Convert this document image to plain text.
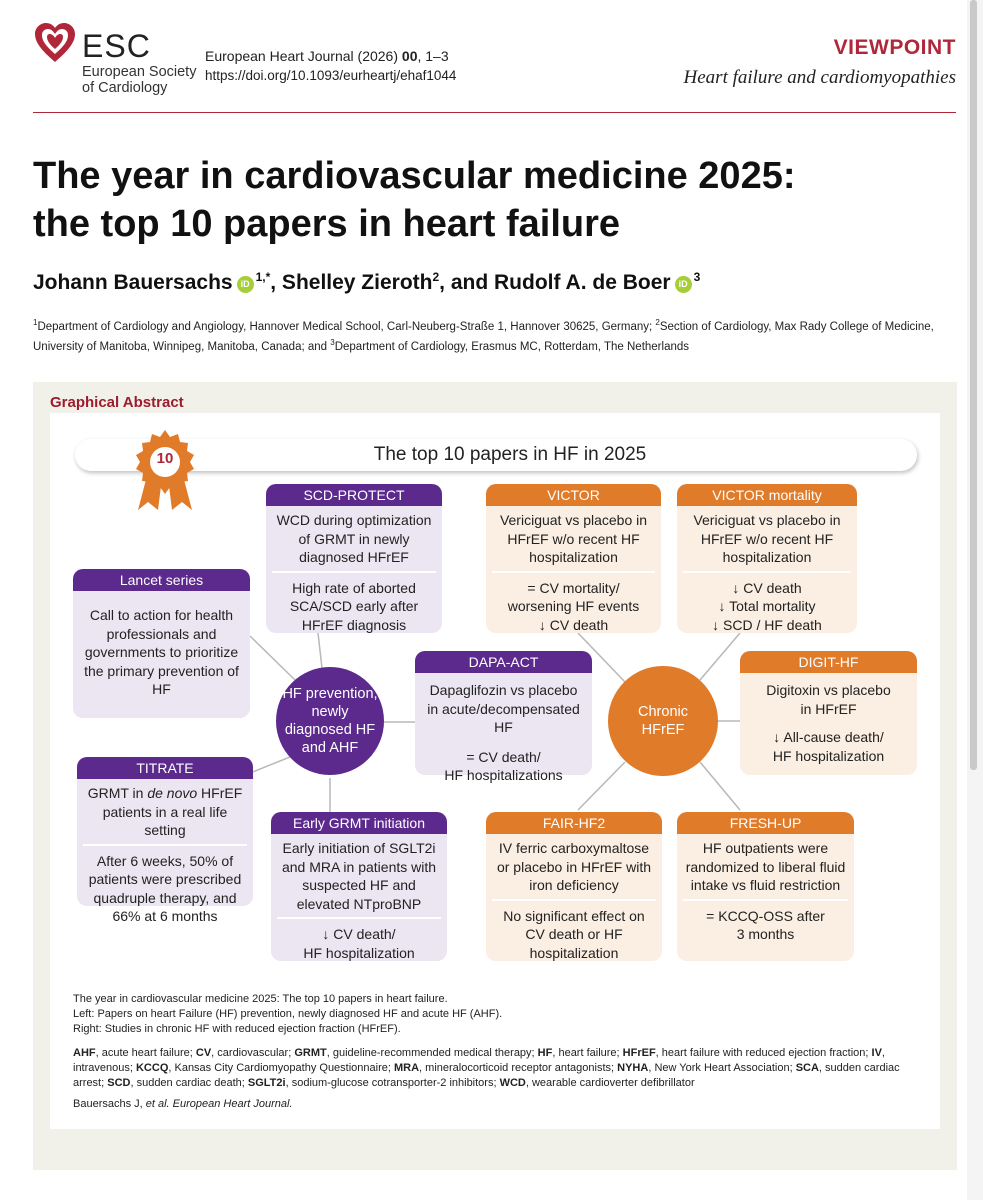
ESC
European Society
of Cardiology
European Heart Journal (2026) 00, 1–3
https://doi.org/10.1093/eurheartj/ehaf1044
VIEWPOINT
Heart failure and cardiomyopathies
The year in cardiovascular medicine 2025:
the top 10 papers in heart failure
Johann Bauersachs iD $^{1,*}$, Shelley Zieroth$^2$, and Rudolf A. de Boer iD $^3$
$^1$Department of Cardiology and Angiology, Hannover Medical School, Carl-Neuberg-Straße 1, Hannover 30625, Germany; $^2$Section of Cardiology, Max Rady College of Medicine, University of Manitoba, Winnipeg, Manitoba, Canada; and $^3$Department of Cardiology, Erasmus MC, Rotterdam, The Netherlands
Graphical Abstract
The top 10 papers in HF in 2025
10
HF prevention, newly diagnosed HF and AHF
Chronic HFrEF
Lancet series
Call to action for health professionals and governments to prioritize the primary prevention of HF
SCD-PROTECT
WCD during optimization of GRMT in newly diagnosed HFrEF
High rate of aborted SCA/SCD early after HFrEF diagnosis
TITRATE
GRMT in de novo HFrEF patients in a real life setting
After 6 weeks, 50% of patients were prescribed quadruple therapy, and 66% at 6 months
Early GRMT initiation
Early initiation of SGLT2i and MRA in patients with suspected HF and elevated NTproBNP
↓ CV death/
HF hospitalization
DAPA-ACT
Dapaglifozin vs placebo in acute/decompensated HF
= CV death/
HF hospitalizations
VICTOR
Vericiguat vs placebo in HFrEF w/o recent HF hospitalization
= CV mortality/
worsening HF events
↓ CV death
VICTOR mortality
Vericiguat vs placebo in HFrEF w/o recent HF hospitalization
↓ CV death
↓ Total mortality
↓ SCD / HF death
DIGIT-HF
Digitoxin vs placebo in HFrEF
↓ All-cause death/
HF hospitalization
FAIR-HF2
IV ferric carboxymaltose or placebo in HFrEF with iron deficiency
No significant effect on CV death or HF hospitalization
FRESH-UP
HF outpatients were randomized to liberal fluid intake vs fluid restriction
= KCCQ-OSS after
3 months
The year in cardiovascular medicine 2025: The top 10 papers in heart failure.
Left: Papers on heart Failure (HF) prevention, newly diagnosed HF and acute HF (AHF).
Right: Studies in chronic HF with reduced ejection fraction (HFrEF).
AHF, acute heart failure; CV, cardiovascular; GRMT, guideline-recommended medical therapy; HF, heart failure; HFrEF, heart failure with reduced ejection fraction; IV, intravenous; KCCQ, Kansas City Cardiomyopathy Questionnaire; MRA, mineralocorticoid receptor antagonists; NYHA, New York Heart Association; SCA, sudden cardiac arrest; SCD, sudden cardiac death; SGLT2i, sodium-glucose cotransporter-2 inhibitors; WCD, wearable cardioverter defibrillator
Bauersachs J, et al. European Heart Journal.
